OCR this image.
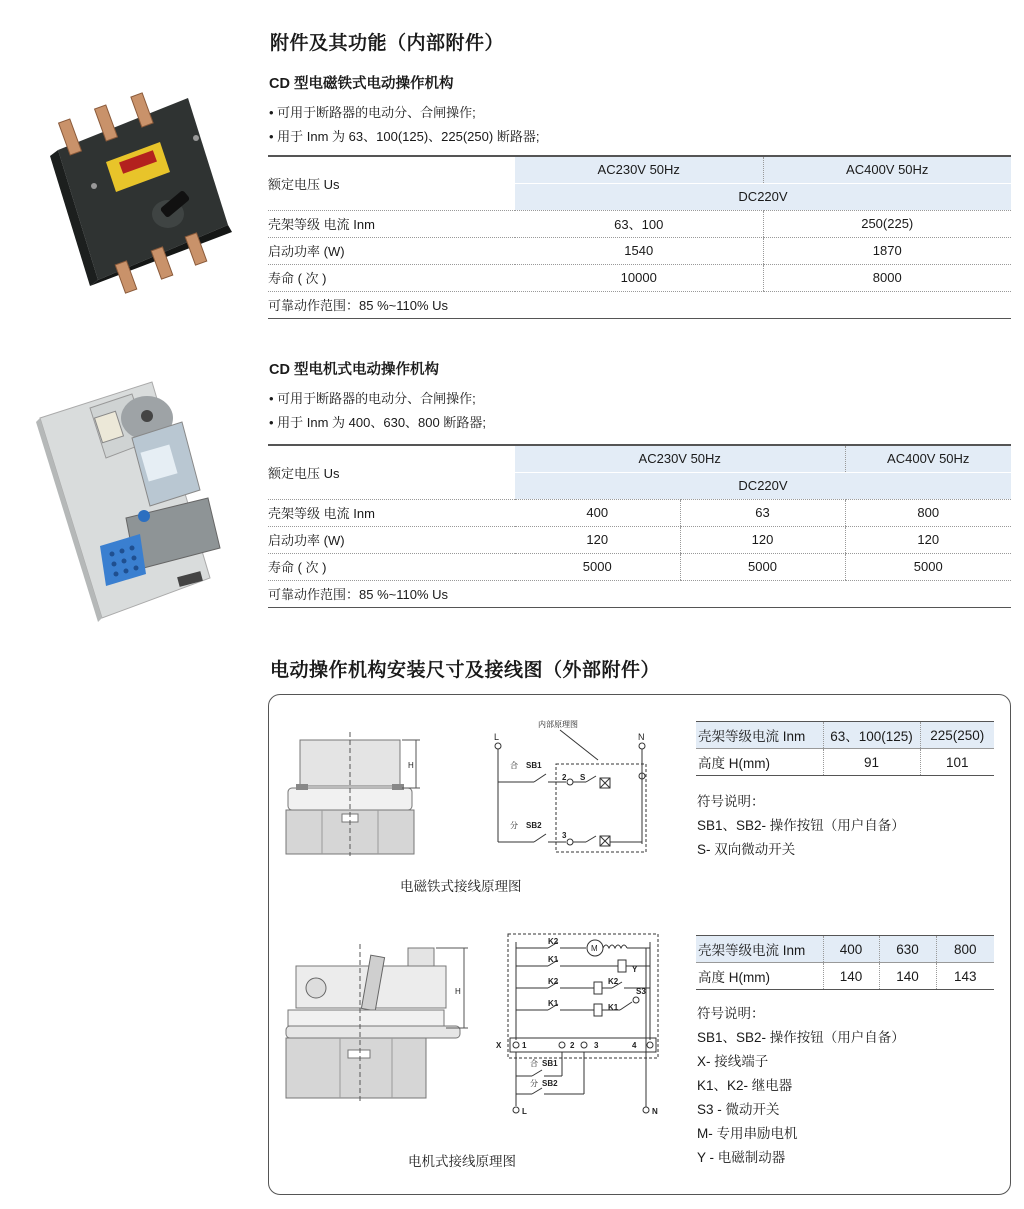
附件及其功能（内部附件）
CD 型电磁铁式电动操作机构
• 可用于断路器的电动分、合闸操作;
• 用于 Inm 为 63、100(125)、225(250) 断路器;
额定电压 Us	AC230V 50Hz	AC400V 50Hz
	DC220V	
壳架等级 电流 Inm	63、100	250(225)
启动功率 (W)	1540	1870
寿命 ( 次 )	10000	8000
可靠动作范围：85 %~110% Us		
CD 型电机式电动操作机构
• 可用于断路器的电动分、合闸操作;
• 用于 Inm 为 400、630、800 断路器;
额定电压 Us	AC230V 50Hz		AC400V 50Hz
	DC220V		
壳架等级 电流 Inm	400	63	800
启动功率 (W)	120	120	120
寿命 ( 次 )	5000	5000	5000
可靠动作范围：85 %~110% Us			
电动操作机构安装尺寸及接线图（外部附件）
H
内部原理图
L	N
合 SB1
分 SB2
2 S
3
电磁铁式接线原理图
壳架等级电流 Inm	63、100(125)	225(250)
高度 H(mm)	91	101
符号说明：
SB1、SB2- 操作按钮（用户自备）
S- 双向微动开关
H
K2
K1
M
Y
K2	K2
K1	K1
S3
X	1	2 3	4
合 SB1
分 SB2
L	N
电机式接线原理图
壳架等级电流 Inm	400	630	800
高度 H(mm)	140	140	143
符号说明：
SB1、SB2- 操作按钮（用户自备）
X- 接线端子
K1、K2- 继电器
S3 - 微动开关
M- 专用串励电机
Y - 电磁制动器
